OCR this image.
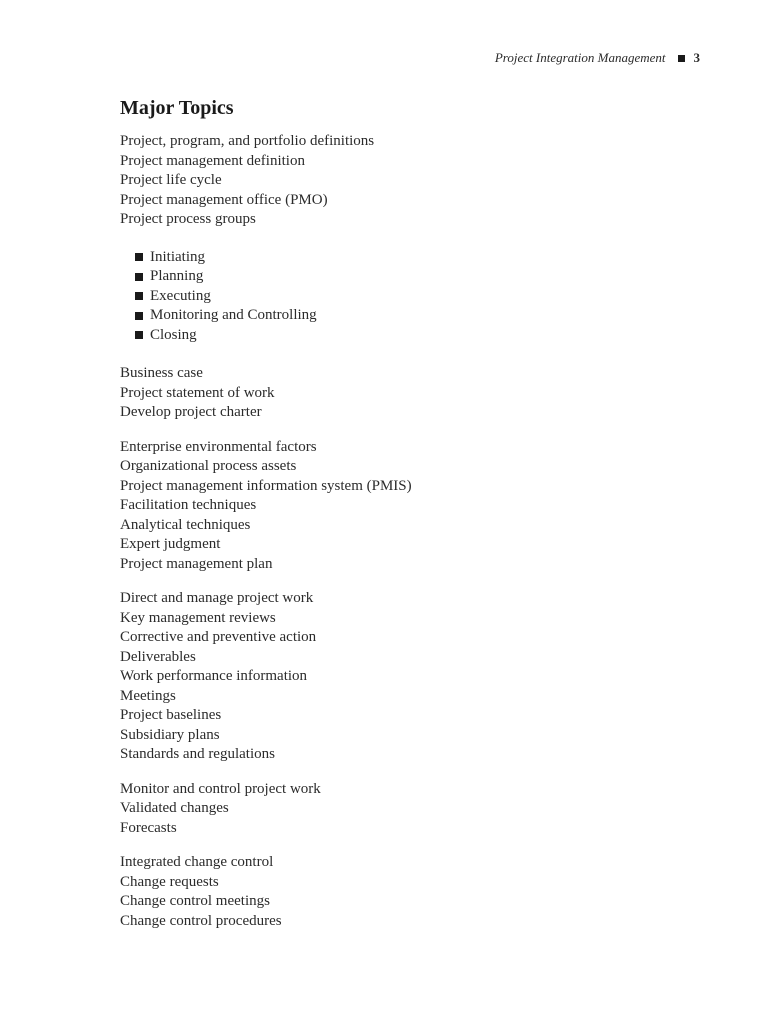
Project Integration Management 3
Major Topics
Project, program, and portfolio definitions
Project management definition
Project life cycle
Project management office (PMO)
Project process groups
Initiating
Planning
Executing
Monitoring and Controlling
Closing
Business case
Project statement of work
Develop project charter
Enterprise environmental factors
Organizational process assets
Project management information system (PMIS)
Facilitation techniques
Analytical techniques
Expert judgment
Project management plan
Direct and manage project work
Key management reviews
Corrective and preventive action
Deliverables
Work performance information
Meetings
Project baselines
Subsidiary plans
Standards and regulations
Monitor and control project work
Validated changes
Forecasts
Integrated change control
Change requests
Change control meetings
Change control procedures
